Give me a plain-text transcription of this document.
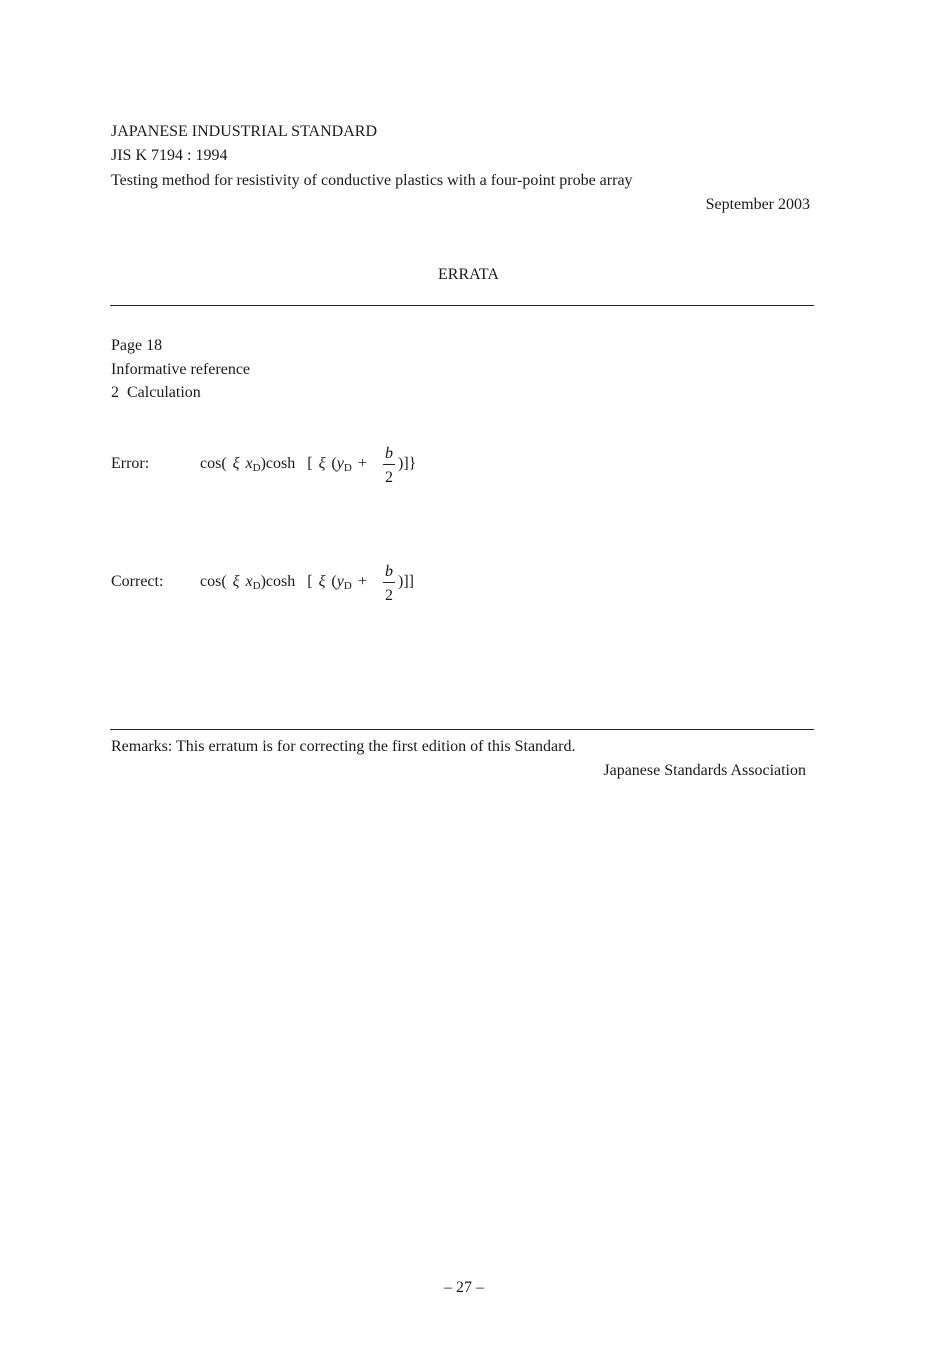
JAPANESE INDUSTRIAL STANDARD
JIS K 7194 : 1994
Testing method for resistivity of conductive plastics with a four-point probe array
September 2003
ERRATA
Page 18
Informative reference
2  Calculation
Error:	cos( ξ x D )cosh [ ξ ( y D +
b
2
)]}
Correct: cos( ξ x D )cosh [ ξ ( y D +
b
2
)]]
Remarks: This erratum is for correcting the first edition of this Standard.
Japanese Standards Association
– 27 –
